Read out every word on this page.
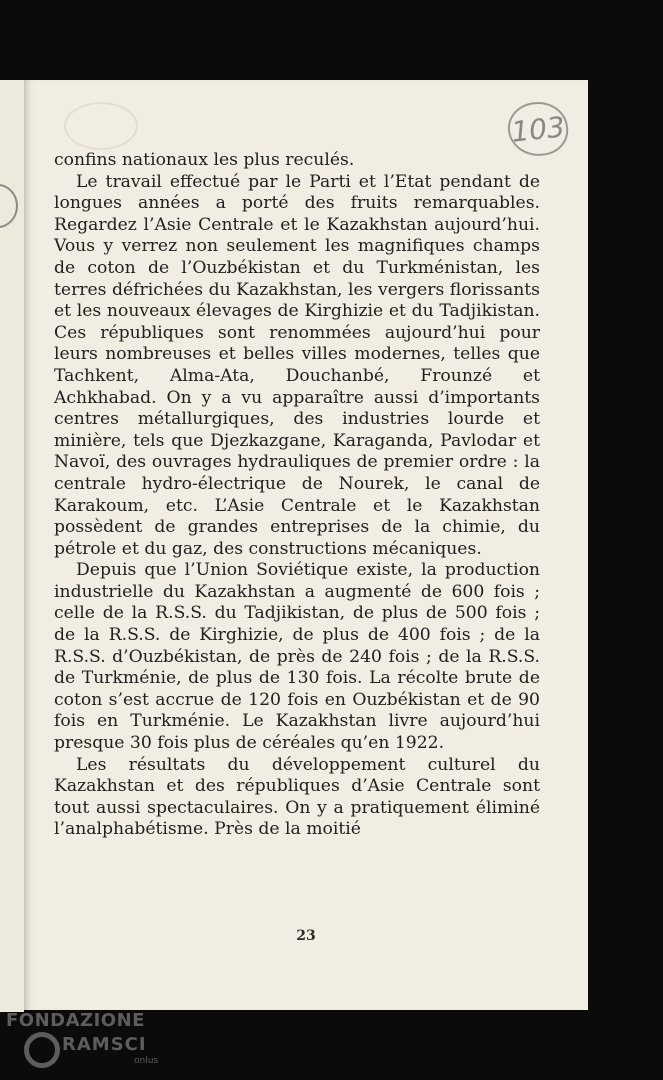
103

confins nationaux les plus reculés.

Le travail effectué par le Parti et l’Etat pendant de longues années a porté des fruits remarquables. Regardez l’Asie Centrale et le Kazakhstan aujourd’hui. Vous y verrez non seulement les magnifiques champs de coton de l’Ouzbékistan et du Turkménistan, les terres défrichées du Kazakhstan, les vergers florissants et les nouveaux élevages de Kirghizie et du Tadjikistan. Ces républiques sont renommées aujourd’hui pour leurs nombreuses et belles villes modernes, telles que Tachkent, Alma-Ata, Douchanbé, Frounzé et Achkhabad. On y a vu apparaître aussi d’importants centres métallurgiques, des industries lourde et minière, tels que Djezkazgane, Karaganda, Pavlodar et Navoï, des ouvrages hydrauliques de premier ordre : la centrale hydro-électrique de Nourek, le canal de Karakoum, etc. L’Asie Centrale et le Kazakhstan possèdent de grandes entreprises de la chimie, du pétrole et du gaz, des constructions mécaniques.

Depuis que l’Union Soviétique existe, la production industrielle du Kazakhstan a augmenté de 600 fois ; celle de la R.S.S. du Tadjikistan, de plus de 500 fois ; de la R.S.S. de Kirghizie, de plus de 400 fois ; de la R.S.S. d’Ouzbékistan, de près de 240 fois ; de la R.S.S. de Turkménie, de plus de 130 fois. La récolte brute de coton s’est accrue de 120 fois en Ouzbékistan et de 90 fois en Turkménie. Le Kazakhstan livre aujourd’hui presque 30 fois plus de céréales qu’en 1922.

Les résultats du développement culturel du Kazakhstan et des républiques d’Asie Centrale sont tout aussi spectaculaires. On y a pratiquement éliminé l’analphabétisme. Près de la moitié

23
FONDAZIONE
RAMSCI
onlus
